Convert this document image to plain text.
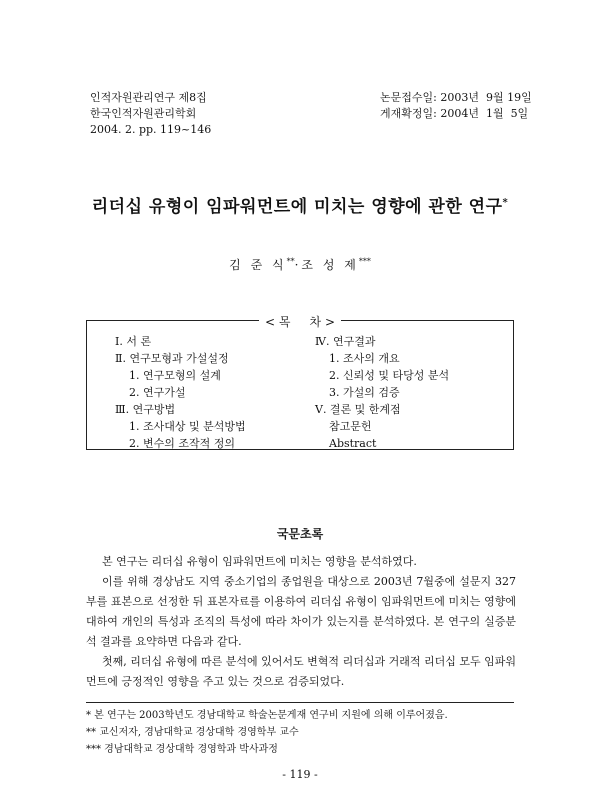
인적자원관리연구 제8집
한국인적자원관리학회
2004. 2. pp. 119~146
논문접수일: 2003년  9월 19일
게재확정일: 2004년  1월  5일
리더십 유형이 임파워먼트에 미치는 영향에 관한 연구*
김 준 식**·조 성 제***
< 목     차 >
Ⅰ. 서 론
Ⅱ. 연구모형과 가설설정
1. 연구모형의 설계
2. 연구가설
Ⅲ. 연구방법
1. 조사대상 및 분석방법
2. 변수의 조작적 정의
Ⅳ. 연구결과
1. 조사의 개요
2. 신뢰성 및 타당성 분석
3. 가설의 검증
Ⅴ. 결론 및 한계점
참고문헌
Abstract
국문초록

본 연구는 리더십 유형이 임파워먼트에 미치는 영향을 분석하였다.

이를 위해 경상남도 지역 중소기업의 종업원을 대상으로 2003년 7월중에 설문지 327부를 표본으로 선정한 뒤 표본자료를 이용하여 리더십 유형이 임파워먼트에 미치는 영향에 대하여 개인의 특성과 조직의 특성에 따라 차이가 있는지를 분석하였다. 본 연구의 실증분석 결과를 요약하면 다음과 같다.

첫째, 리더십 유형에 따른 분석에 있어서도 변혁적 리더십과 거래적 리더십 모두 임파워먼트에 긍정적인 영향을 주고 있는 것으로 검증되었다.

* 본 연구는 2003학년도 경남대학교 학술논문게재 연구비 지원에 의해 이루어졌음.
** 교신저자, 경남대학교 경상대학 경영학부 교수
*** 경남대학교 경상대학 경영학과 박사과정
- 119 -
